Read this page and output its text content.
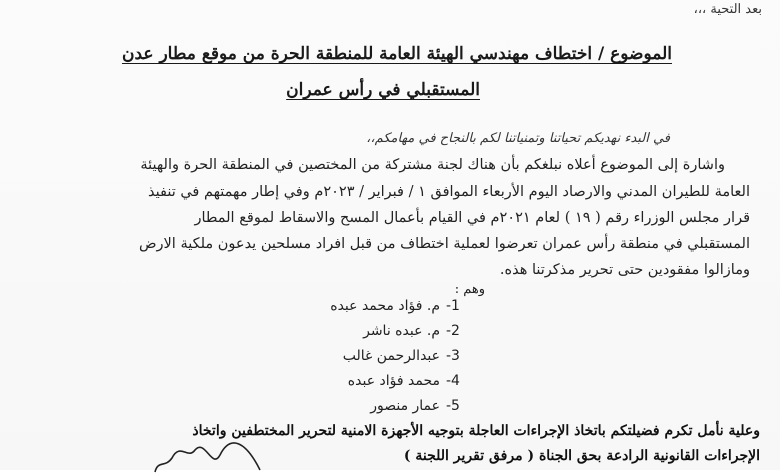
بعد التحية ،،،
الموضوع / اختطاف مهندسي الهيئة العامة للمنطقة الحرة من موقع مطار عدن
المستقبلي في رأس عمران
في البدء نهديكم تحياتنا وتمنياتنا لكم بالنجاح في مهامكم،،
واشارة إلى الموضوع أعلاه نبلغكم بأن هناك لجنة مشتركة من المختصين في المنطقة الحرة والهيئة
العامة للطيران المدني والارصاد اليوم الأربعاء الموافق ١ / فبراير / ٢٠٢٣م وفي إطار مهمتهم في تنفيذ
قرار مجلس الوزراء رقم ( ١٩ ) لعام ٢٠٢١م في القيام بأعمال المسح والاسقاط لموقع المطار
المستقبلي في منطقة رأس عمران تعرضوا لعملية اختطاف من قبل افراد مسلحين يدعون ملكية الارض
ومازالوا مفقودين حتى تحرير مذكرتنا هذه.
وهم :
-1
م. فؤاد محمد عبده
-2
م. عبده ناشر
-3
عبدالرحمن غالب
-4
محمد فؤاد عبده
-5
عمار منصور
وعلية نأمل تكرم فضيلتكم باتخاذ الإجراءات العاجلة بتوجيه الأجهزة الامنية لتحرير المختطفين واتخاذ
الإجراءات القانونية الرادعة بحق الجناة ( مرفق تقرير اللجنة )
